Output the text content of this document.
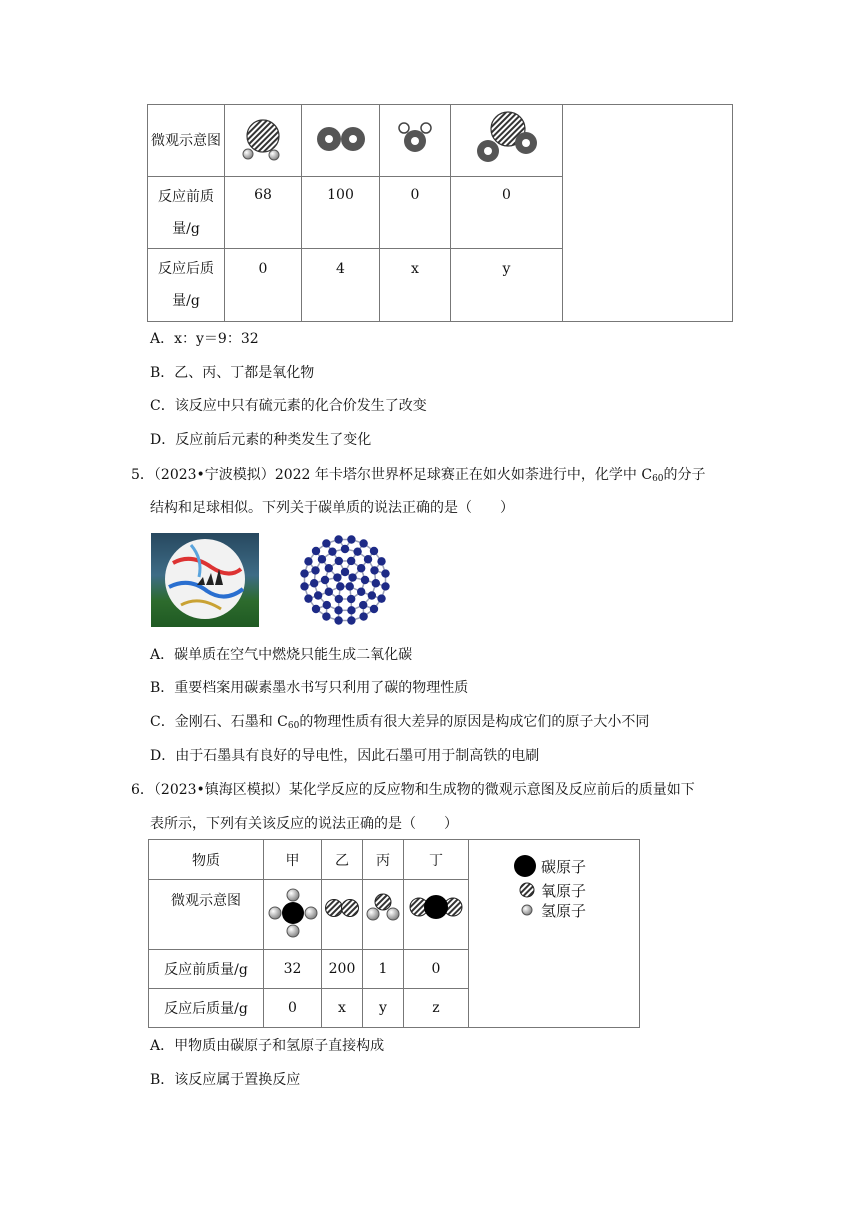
微观示意图					
反应前质量/g	68	100	0	0	
反应后质量/g	0	4	x	y	
A．x：y＝9：32
B．乙、丙、丁都是氧化物
C．该反应中只有硫元素的化合价发生了改变
D．反应前后元素的种类发生了变化
5．（2023•宁波模拟）2022 年卡塔尔世界杯足球赛正在如火如荼进行中，化学中 $C_{60}$的分子
结构和足球相似。下列关于碳单质的说法正确的是（　　）
A．碳单质在空气中燃烧只能生成二氧化碳
B．重要档案用碳素墨水书写只利用了碳的物理性质
C．金刚石、石墨和 $C_{60}$的物理性质有很大差异的原因是构成它们的原子大小不同
D．由于石墨具有良好的导电性，因此石墨可用于制高铁的电刷
6．（2023•镇海区模拟）某化学反应的反应物和生成物的微观示意图及反应前后的质量如下
表所示，下列有关该反应的说法正确的是（　　）
物质	甲	乙	丙	丁	碳原子
氧原子
氢原子

微观示意图				
反应前质量/g	32	200	1	0	
反应后质量/g	0	x	y	z	
A．甲物质由碳原子和氢原子直接构成
B．该反应属于置换反应
